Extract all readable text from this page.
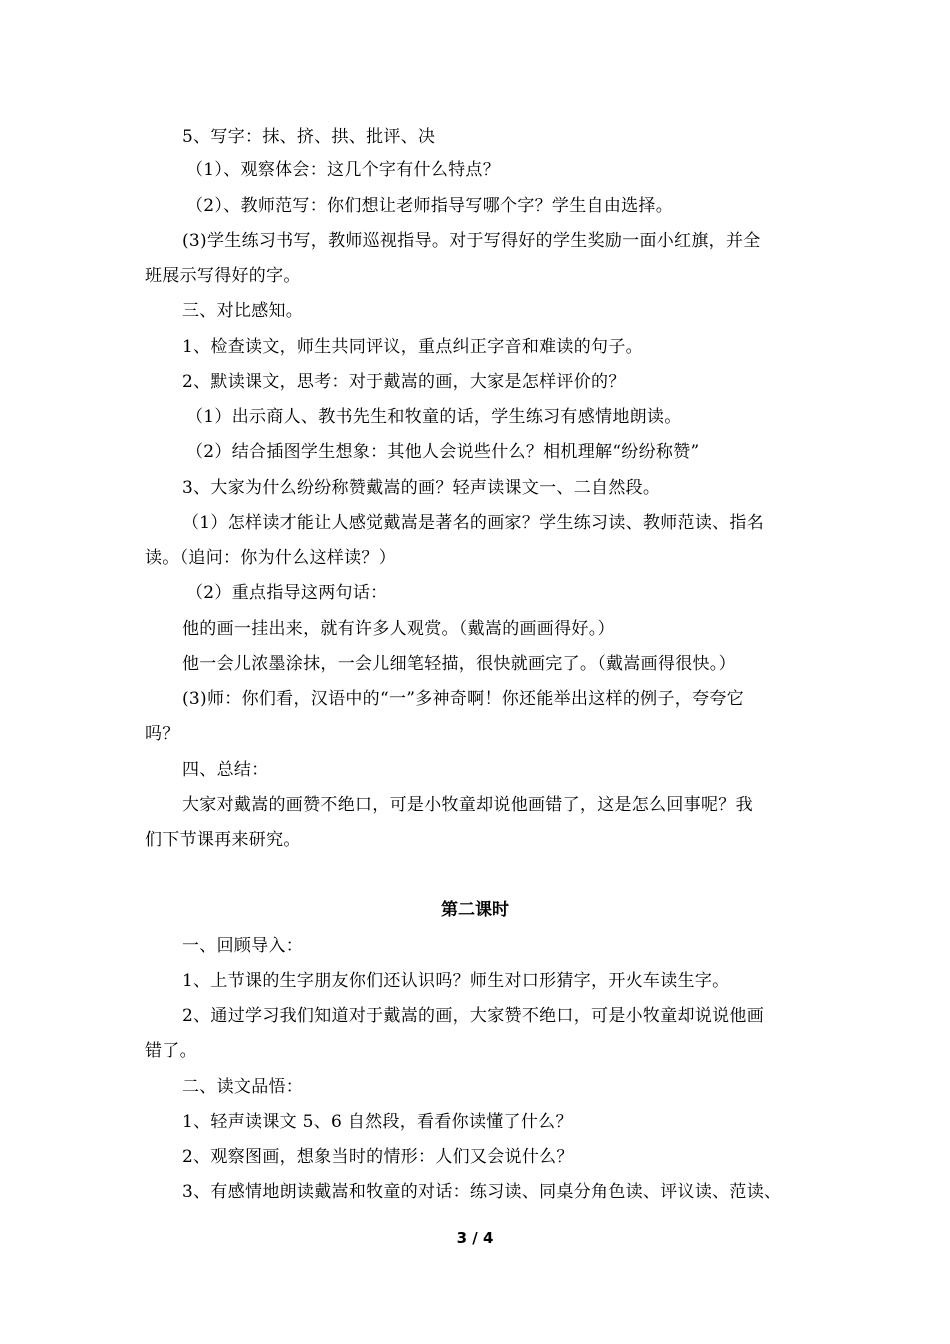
5、写字：抹、挤、拱、批评、决
（1）、观察体会：这几个字有什么特点？
（2）、教师范写：你们想让老师指导写哪个字？学生自由选择。
(3)学生练习书写，教师巡视指导。对于写得好的学生奖励一面小红旗，并全
班展示写得好的字。
三、对比感知。
1、检查读文，师生共同评议，重点纠正字音和难读的句子。
2、默读课文，思考：对于戴嵩的画，大家是怎样评价的？
（1）出示商人、教书先生和牧童的话，学生练习有感情地朗读。
（2）结合插图学生想象：其他人会说些什么？相机理解“纷纷称赞”
3、大家为什么纷纷称赞戴嵩的画？轻声读课文一、二自然段。
（1）怎样读才能让人感觉戴嵩是著名的画家？学生练习读、教师范读、指名
读。（追问：你为什么这样读？）
（2）重点指导这两句话：
他的画一挂出来，就有许多人观赏。（戴嵩的画画得好。）
他一会儿浓墨涂抹，一会儿细笔轻描，很快就画完了。（戴嵩画得很快。）
(3)师：你们看，汉语中的“一”多神奇啊！你还能举出这样的例子，夸夸它
吗？
四、总结：
大家对戴嵩的画赞不绝口，可是小牧童却说他画错了，这是怎么回事呢？我
们下节课再来研究。
第二课时
一、回顾导入：
1、上节课的生字朋友你们还认识吗？师生对口形猜字，开火车读生字。
2、通过学习我们知道对于戴嵩的画，大家赞不绝口，可是小牧童却说说他画
错了。
二、读文品悟：
1、轻声读课文 5、6 自然段，看看你读懂了什么？
2、观察图画，想象当时的情形：人们又会说什么？
3、有感情地朗读戴嵩和牧童的对话：练习读、同桌分角色读、评议读、范读、
3 / 4
